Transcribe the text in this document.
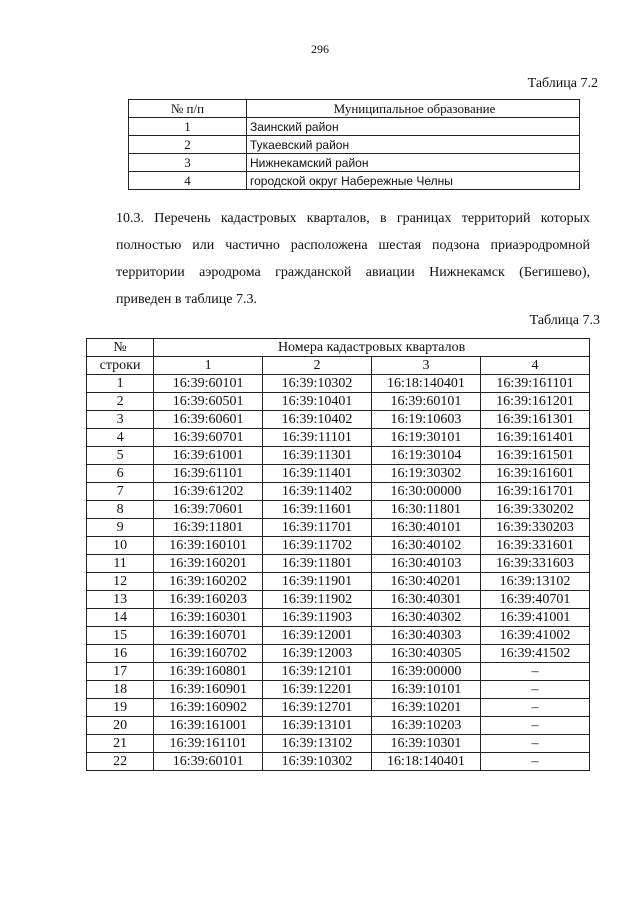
296
Таблица 7.2
№ п/п	Муниципальное образование
1	Заинский район
2	Тукаевский район
3	Нижнекамский район
4	городской округ Набережные Челны
10.3. Перечень кадастровых кварталов, в границах территорий которых
полностью или частично расположена шестая подзона приаэродромной
территории аэродрома гражданской авиации Нижнекамск (Бегишево),
приведен в таблице 7.3.
Таблица 7.3
№	Номера кадастровых кварталов			
строки	1	2	3	4
1	16:39:60101	16:39:10302	16:18:140401	16:39:161101
2	16:39:60501	16:39:10401	16:39:60101	16:39:161201
3	16:39:60601	16:39:10402	16:19:10603	16:39:161301
4	16:39:60701	16:39:11101	16:19:30101	16:39:161401
5	16:39:61001	16:39:11301	16:19:30104	16:39:161501
6	16:39:61101	16:39:11401	16:19:30302	16:39:161601
7	16:39:61202	16:39:11402	16:30:00000	16:39:161701
8	16:39:70601	16:39:11601	16:30:11801	16:39:330202
9	16:39:11801	16:39:11701	16:30:40101	16:39:330203
10	16:39:160101	16:39:11702	16:30:40102	16:39:331601
11	16:39:160201	16:39:11801	16:30:40103	16:39:331603
12	16:39:160202	16:39:11901	16:30:40201	16:39:13102
13	16:39:160203	16:39:11902	16:30:40301	16:39:40701
14	16:39:160301	16:39:11903	16:30:40302	16:39:41001
15	16:39:160701	16:39:12001	16:30:40303	16:39:41002
16	16:39:160702	16:39:12003	16:30:40305	16:39:41502
17	16:39:160801	16:39:12101	16:39:00000	–
18	16:39:160901	16:39:12201	16:39:10101	–
19	16:39:160902	16:39:12701	16:39:10201	–
20	16:39:161001	16:39:13101	16:39:10203	–
21	16:39:161101	16:39:13102	16:39:10301	–
22	16:39:60101	16:39:10302	16:18:140401	–
